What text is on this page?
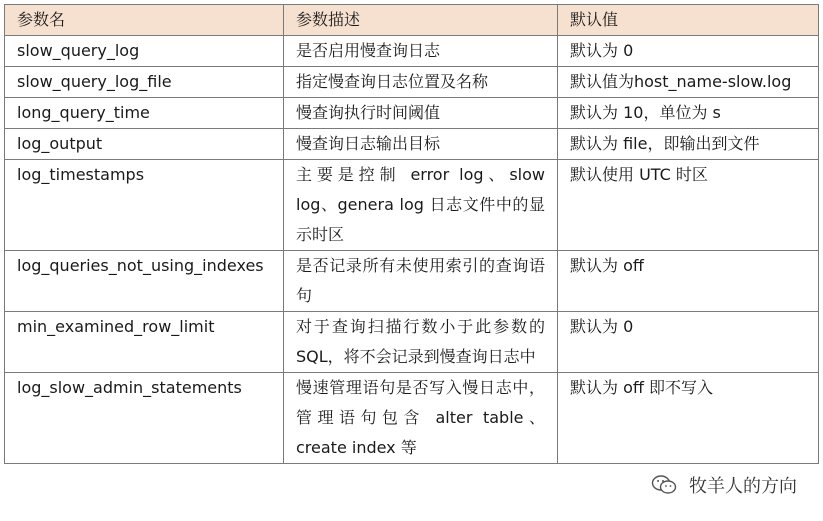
参数名	参数描述	默认值
slow_query_log	是否启用慢查询日志	默认为 0
slow_query_log_file	指定慢查询日志位置及名称	默认值为host_name-slow.log
long_query_time	慢查询执行时间阈值	默认为 10，单位为 s
log_output	慢查询日志输出目标	默认为 file，即输出到文件
log_timestamps	主要是控制 error log、slow log、genera log 日志文件中的显示时区	默认使用 UTC 时区
log_queries_not_using_indexes	是否记录所有未使用索引的查询语句	默认为 off
min_examined_row_limit	对于查询扫描行数小于此参数的 SQL，将不会记录到慢查询日志中	默认为 0
log_slow_admin_statements	慢速管理语句是否写入慢日志中，管理语句包含 alter table、create index 等	默认为 off 即不写入
牧羊人的方向
